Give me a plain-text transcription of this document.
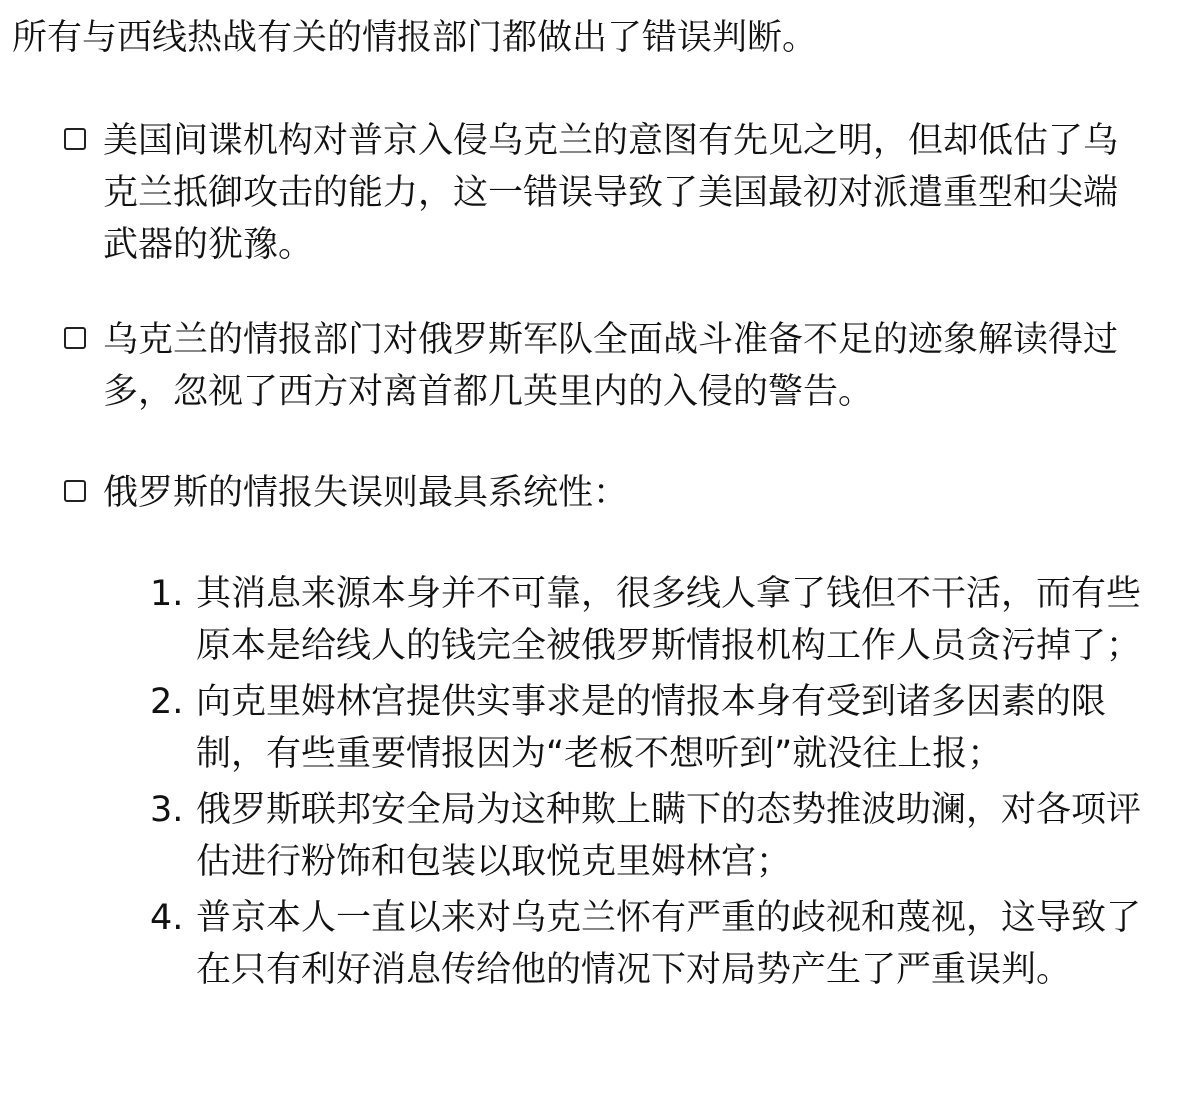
所有与西线热战有关的情报部门都做出了错误判断。
美国间谍机构对普京入侵乌克兰的意图有先见之明，但却低估了乌克兰抵御攻击的能力，这一错误导致了美国最初对派遣重型和尖端武器的犹豫。
乌克兰的情报部门对俄罗斯军队全面战斗准备不足的迹象解读得过多，忽视了西方对离首都几英里内的入侵的警告。
俄罗斯的情报失误则最具系统性：
1. 其消息来源本身并不可靠，很多线人拿了钱但不干活，而有些原本是给线人的钱完全被俄罗斯情报机构工作人员贪污掉了；
2. 向克里姆林宫提供实事求是的情报本身有受到诸多因素的限制，有些重要情报因为“老板不想听到”就没往上报；
3. 俄罗斯联邦安全局为这种欺上瞒下的态势推波助澜，对各项评估进行粉饰和包装以取悦克里姆林宫；
4. 普京本人一直以来对乌克兰怀有严重的歧视和蔑视，这导致了在只有利好消息传给他的情况下对局势产生了严重误判。
